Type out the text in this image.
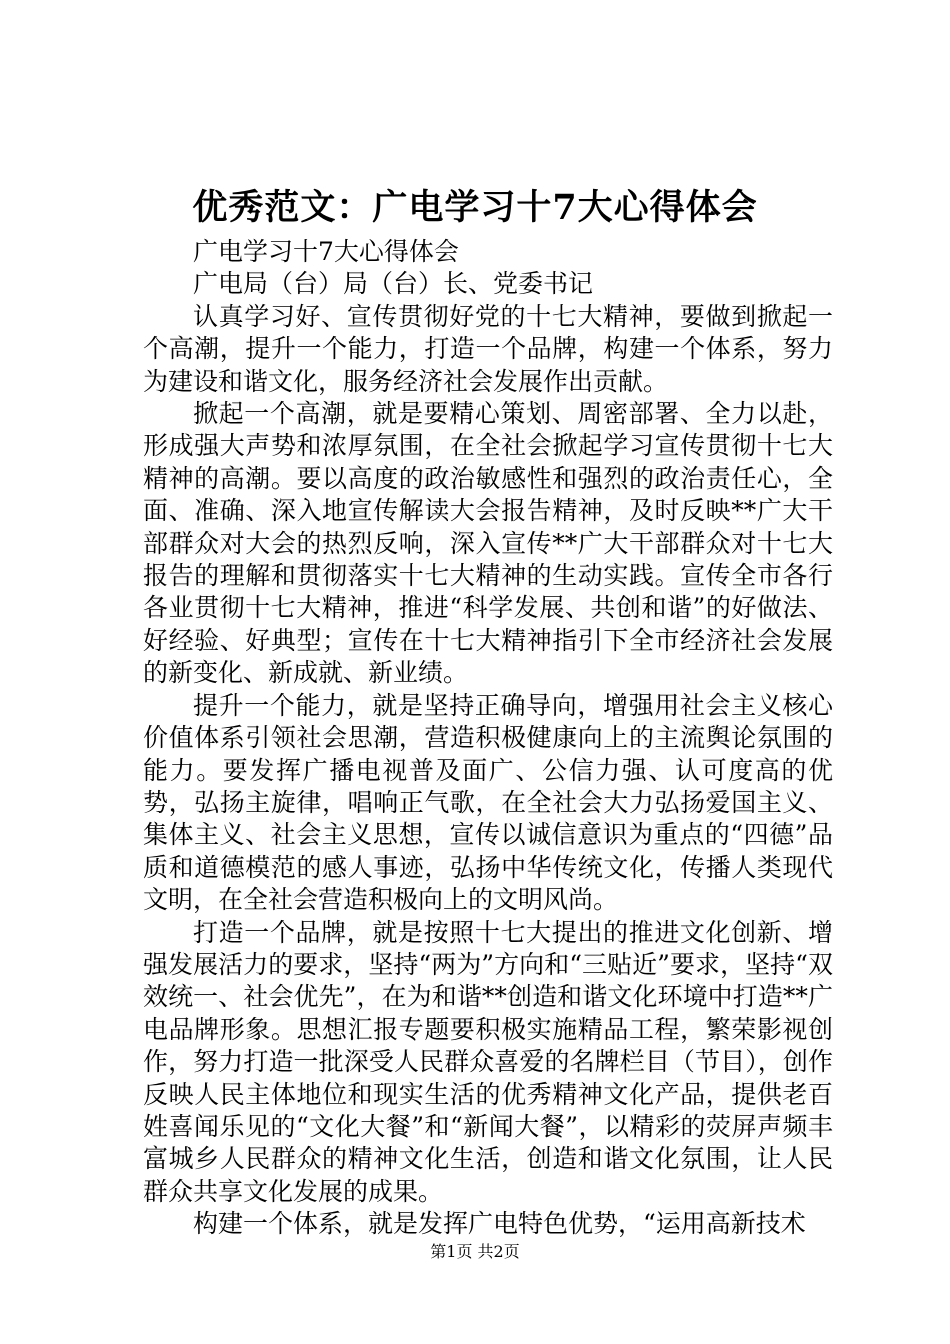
优秀范文：广电学习十7大心得体会

广电学习十7大心得体会

广电局（台）局（台）长、党委书记

认真学习好、宣传贯彻好党的十七大精神，要做到掀起一个高潮，提升一个能力，打造一个品牌，构建一个体系，努力为建设和谐文化，服务经济社会发展作出贡献。

掀起一个高潮，就是要精心策划、周密部署、全力以赴，形成强大声势和浓厚氛围，在全社会掀起学习宣传贯彻十七大精神的高潮。要以高度的政治敏感性和强烈的政治责任心，全面、准确、深入地宣传解读大会报告精神，及时反映**广大干部群众对大会的热烈反响，深入宣传**广大干部群众对十七大报告的理解和贯彻落实十七大精神的生动实践。宣传全市各行各业贯彻十七大精神，推进“科学发展、共创和谐”的好做法、好经验、好典型；宣传在十七大精神指引下全市经济社会发展的新变化、新成就、新业绩。

提升一个能力，就是坚持正确导向，增强用社会主义核心价值体系引领社会思潮，营造积极健康向上的主流舆论氛围的能力。要发挥广播电视普及面广、公信力强、认可度高的优势，弘扬主旋律，唱响正气歌，在全社会大力弘扬爱国主义、集体主义、社会主义思想，宣传以诚信意识为重点的“四德”品质和道德模范的感人事迹，弘扬中华传统文化，传播人类现代文明，在全社会营造积极向上的文明风尚。

打造一个品牌，就是按照十七大提出的推进文化创新、增强发展活力的要求，坚持“两为”方向和“三贴近”要求，坚持“双效统一、社会优先”，在为和谐**创造和谐文化环境中打造**广电品牌形象。思想汇报专题要积极实施精品工程，繁荣影视创作，努力打造一批深受人民群众喜爱的名牌栏目（节目），创作反映人民主体地位和现实生活的优秀精神文化产品，提供老百姓喜闻乐见的“文化大餐”和“新闻大餐”，以精彩的荧屏声频丰富城乡人民群众的精神文化生活，创造和谐文化氛围，让人民群众共享文化发展的成果。

构建一个体系，就是发挥广电特色优势，“运用高新技术

第1页 共2页
